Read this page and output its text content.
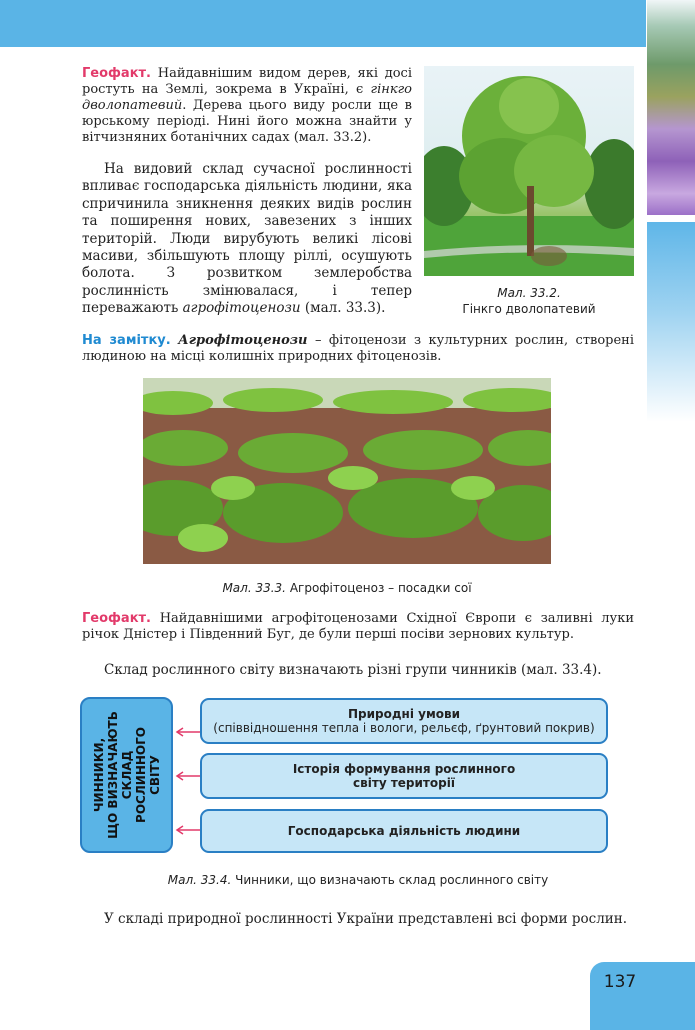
Геофакт. Найдавнішим видом дерев, які досі ростуть на Землі, зокрема в Україні, є гінкго дволопатевий. Дерева цього виду росли ще в юрському періоді. Нині його можна знайти у вітчизняних ботанічних садах (мал. 33.2).
На видовий склад сучасної рослинності впливає господарська діяльність людини, яка спричинила зникнення деяких видів рослин та поширення нових, завезених з інших територій. Люди вирубують великі лісові масиви, збільшують площу ріллі, осушують болота. З розвитком землеробства рослинність змінювалася, і тепер переважають агрофітоценози (мал. 33.3).
Мал. 33.2.
Гінкго дволопатевий
На замітку. Агрофітоценози – фітоценози з культурних рослин, створені людиною на місці колишніх природних фітоценозів.
Мал. 33.3. Агрофітоценоз – посадки сої
Геофакт. Найдавнішими агрофітоценозами Східної Європи є заливні луки річок Дністер і Південний Буг, де були перші посіви зернових культур.
Склад рослинного світу визначають різні групи чинників (мал. 33.4).
ЧИННИКИ,
ЩО ВИЗНАЧАЮТЬ
СКЛАД
РОСЛИННОГО
СВІТУ
Природні умови
(співвідношення тепла і вологи, рельєф, ґрунтовий покрив)
Історія формування рослинного
світу території
Господарська діяльність людини
Мал. 33.4. Чинники, що визначають склад рослинного світу
У складі природної рослинності України представлені всі форми рослин.
137
